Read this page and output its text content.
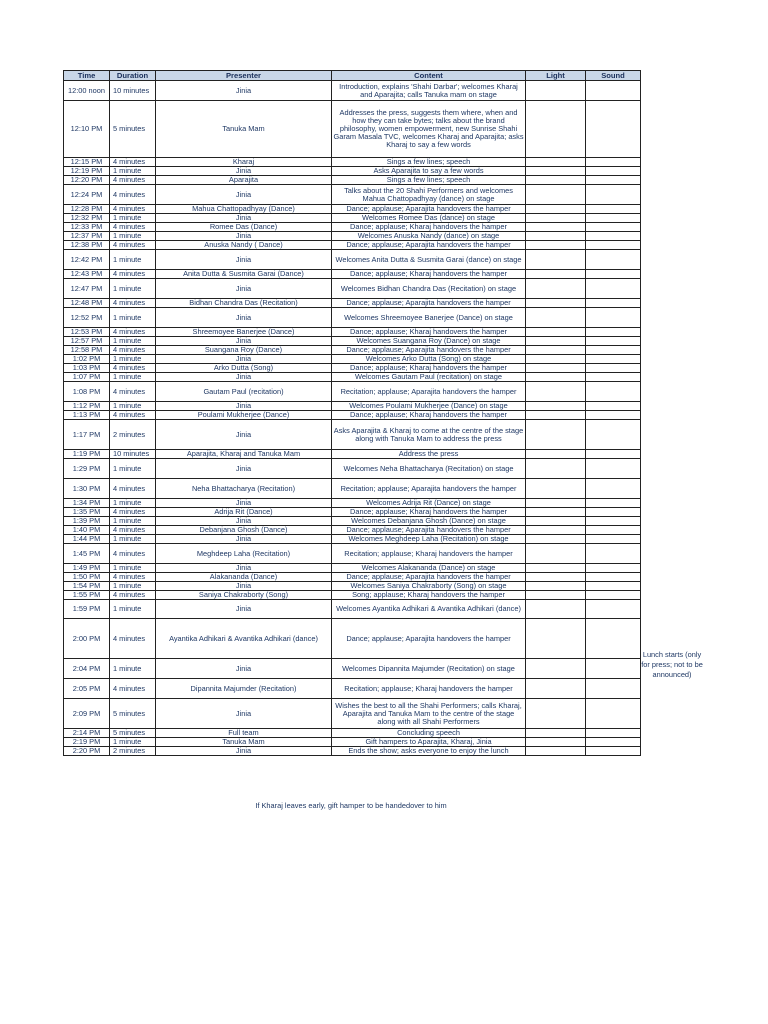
Time	Duration	Presenter	Content	Light	Sound
12:00 noon	10 minutes	Jinia	Introduction, explains 'Shahi Darbar'; welcomes Kharaj and Aparajita; calls Tanuka mam on stage		
12:10 PM	5 minutes	Tanuka Mam	Addresses the press, suggests them where, when and how they can take bytes; talks about the brand philosophy, women empowerment, new Sunrise Shahi Garam Masala TVC, welcomes Kharaj and Aparajita; asks Kharaj to say a few words		
12:15 PM	4 minutes	Kharaj	Sings a few lines; speech		
12:19 PM	1 minute	Jinia	Asks Aparajita to say a few words		
12:20 PM	4 minutes	Aparajita	Sings a few lines; speech		
12:24 PM	4 minutes	Jinia	Talks about the 20 Shahi Performers and welcomes Mahua Chattopadhyay (dance) on stage		
12:28 PM	4 minutes	Mahua Chattopadhyay (Dance)	Dance; applause; Aparajita handovers the hamper		
12:32 PM	1 minute	Jinia	Welcomes Romee Das (dance) on stage		
12:33 PM	4 minutes	Romee Das (Dance)	Dance; applause; Kharaj handovers the hamper		
12:37 PM	1 minute	Jinia	Welcomes Anuska Nandy (dance) on stage		
12:38 PM	4 minutes	Anuska Nandy ( Dance)	Dance; applause; Aparajita handovers the hamper		
12:42 PM	1 minute	Jinia	Welcomes Anita Dutta & Susmita Garai (dance) on stage		
12:43 PM	4 minutes	Anita Dutta & Susmita Garai (Dance)	Dance; applause; Kharaj handovers the hamper		
12:47 PM	1 minute	Jinia	Welcomes Bidhan Chandra Das (Recitation) on stage		
12:48 PM	4 minutes	Bidhan Chandra Das (Recitation)	Dance; applause; Aparajita handovers the hamper		
12:52 PM	1 minute	Jinia	Welcomes Shreemoyee Banerjee (Dance) on stage		
12:53 PM	4 minutes	Shreemoyee Banerjee (Dance)	Dance; applause; Kharaj handovers the hamper		
12:57 PM	1 minute	Jinia	Welcomes Suangana Roy (Dance) on stage		
12:58 PM	4 minutes	Suangana Roy (Dance)	Dance; applause; Aparajita handovers the hamper		
1:02 PM	1 minute	Jinia	Welcomes Arko Dutta (Song) on stage		
1:03 PM	4 minutes	Arko Dutta (Song)	Dance; applause; Kharaj handovers the hamper		
1:07 PM	1 minute	Jinia	Welcomes Gautam Paul (recitation) on stage		
1:08 PM	4 minutes	Gautam Paul (recitation)	Recitation; applause; Aparajita handovers the hamper		
1:12 PM	1 minute	Jinia	Welcomes Poulami Mukherjee (Dance) on stage		
1:13 PM	4 minutes	Poulami Mukherjee (Dance)	Dance; applause; Kharaj handovers the hamper		
1:17 PM	2 minutes	Jinia	Asks Aparajita & Kharaj to come at the centre of the stage along with Tanuka Mam to address the press		
1:19 PM	10 minutes	Aparajita, Kharaj and Tanuka Mam	Address the press		
1:29 PM	1 minute	Jinia	Welcomes Neha Bhattacharya (Recitation) on stage		
1:30 PM	4 minutes	Neha Bhattacharya (Recitation)	Recitation; applause; Aparajita handovers the hamper		
1:34 PM	1 minute	Jinia	Welcomes Adrija Rit (Dance) on stage		
1:35 PM	4 minutes	Adrija Rit (Dance)	Dance; applause; Kharaj handovers the hamper		
1:39 PM	1 minute	Jinia	Welcomes Debanjana Ghosh (Dance) on stage		
1:40 PM	4 minutes	Debanjana Ghosh (Dance)	Dance; applause; Aparajita handovers the hamper		
1:44 PM	1 minute	Jinia	Welcomes Meghdeep Laha (Recitation) on stage		
1:45 PM	4 minutes	Meghdeep Laha (Recitation)	Recitation; applause; Kharaj handovers the hamper		
1:49 PM	1 minute	Jinia	Welcomes Alakananda (Dance) on stage		
1:50 PM	4 minutes	Alakananda (Dance)	Dance; applause; Aparajita handovers the hamper		
1:54 PM	1 minute	Jinia	Welcomes Saniya Chakraborty (Song) on stage		
1:55 PM	4 minutes	Saniya Chakraborty (Song)	Song; applause; Kharaj handovers the hamper		
1:59 PM	1 minute	Jinia	Welcomes Ayantika Adhikari & Avantika Adhikari (dance)		
2:00 PM	4 minutes	Ayantika Adhikari & Avantika Adhikari (dance)	Dance; applause; Aparajita handovers the hamper		
2:04 PM	1 minute	Jinia	Welcomes Dipannita Majumder (Recitation) on stage		
2:05 PM	4 minutes	Dipannita Majumder (Recitation)	Recitation; applause; Kharaj handovers the hamper		
2:09 PM	5 minutes	Jinia	Wishes the best to all the Shahi Performers; calls Kharaj, Aparajita and Tanuka Mam to the centre of the stage along with all Shahi Performers		
2:14 PM	5 minutes	Full team	Concluding speech		
2:19 PM	1 minute	Tanuka Mam	Gift hampers to Aparajita, Kharaj, Jinia		
2:20 PM	2 minutes	Jinia	Ends the show; asks everyone to enjoy the lunch		
Lunch starts (only for press; not to be announced)
If Kharaj leaves early, gift hamper to be handedover to him
